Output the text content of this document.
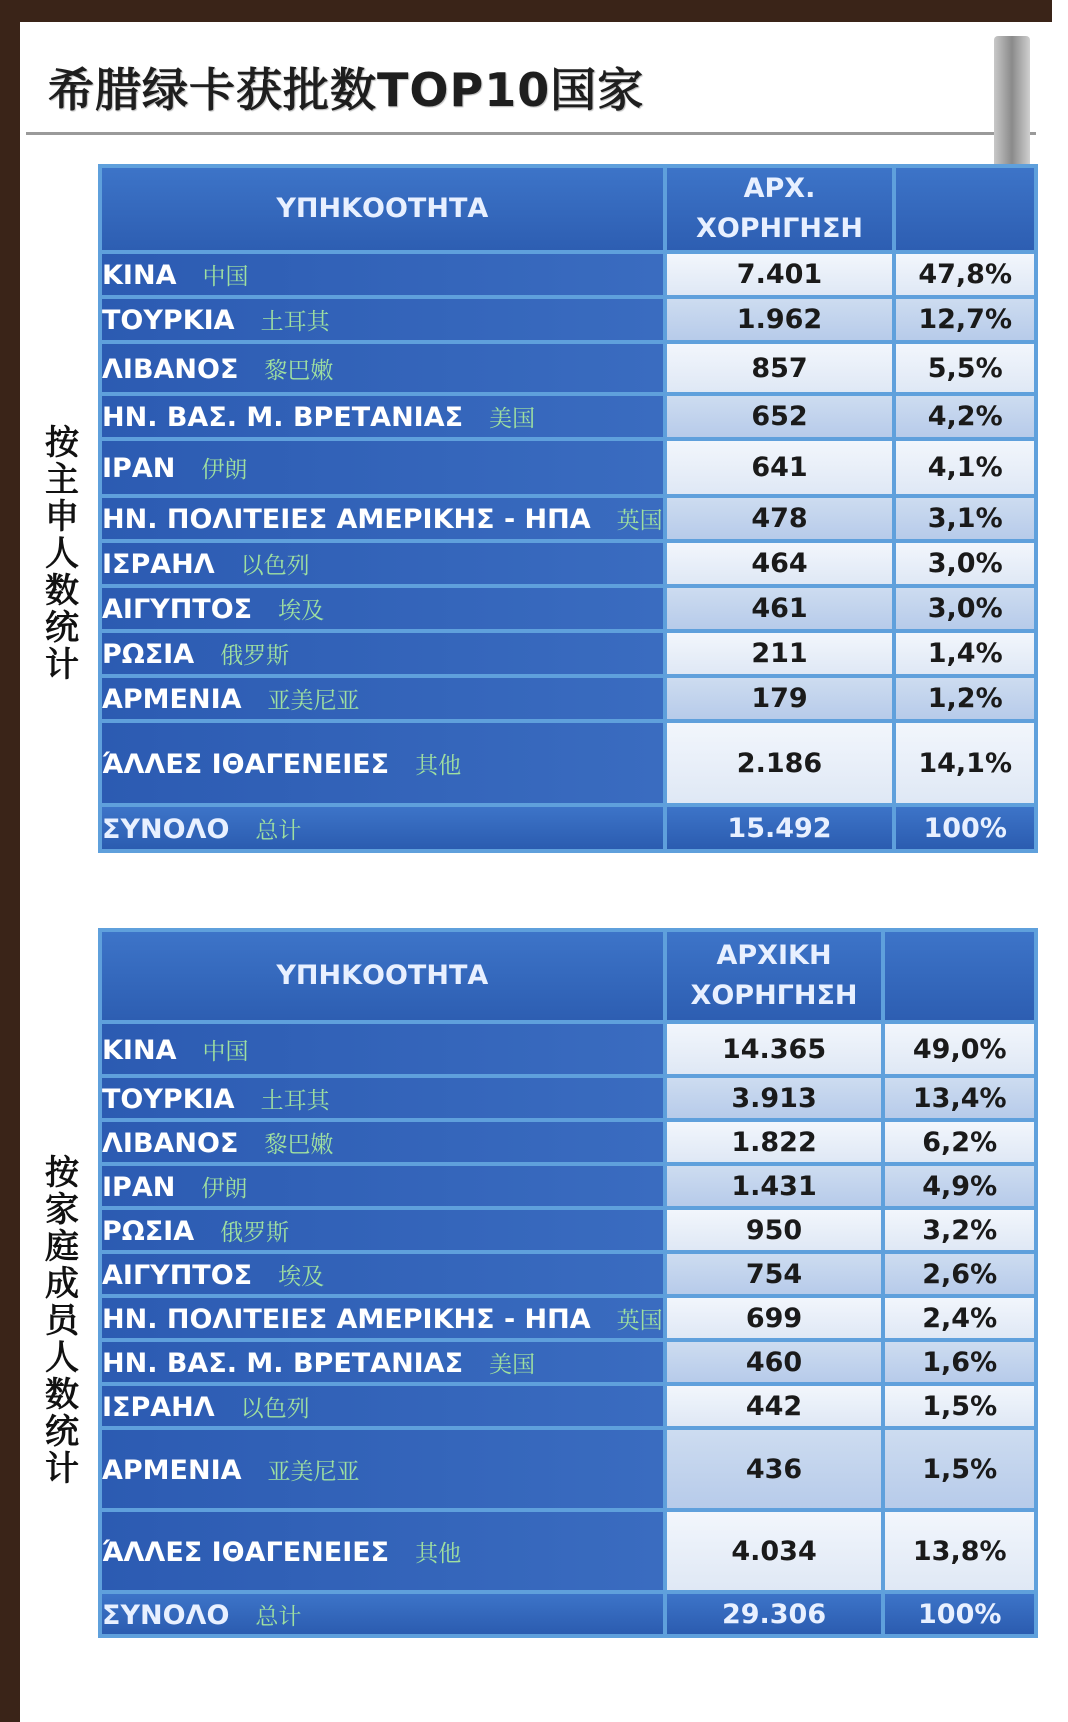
希腊绿卡获批数TOP10国家
按主申人数统计
按家庭成员人数统计
ΥΠΗΚΟΟΤΗΤΑ	ΑΡΧ. ΧΟΡΗΓΗΣΗ	
ΚΙΝΑ 中国	7.401	47,8%
ΤΟΥΡΚΙΑ 土耳其	1.962	12,7%
ΛΙΒΑΝΟΣ 黎巴嫩	857	5,5%
ΗΝ. ΒΑΣ. Μ. ΒΡΕΤΑΝΙΑΣ 美国	652	4,2%
ΙΡΑΝ 伊朗	641	4,1%
ΗΝ. ΠΟΛΙΤΕΙΕΣ ΑΜΕΡΙΚΗΣ - ΗΠΑ 英国	478	3,1%
ΙΣΡΑΗΛ 以色列	464	3,0%
ΑΙΓΥΠΤΟΣ 埃及	461	3,0%
ΡΩΣΙΑ 俄罗斯	211	1,4%
ΑΡΜΕΝΙΑ 亚美尼亚	179	1,2%
ΆΛΛΕΣ ΙΘΑΓΕΝΕΙΕΣ 其他	2.186	14,1%
ΣΥΝΟΛΟ 总计	15.492	100%
ΥΠΗΚΟΟΤΗΤΑ	ΑΡΧΙΚΗ ΧΟΡΗΓΗΣΗ	

ΚΙΝΑ 中国	14.365	49,0%
ΤΟΥΡΚΙΑ 土耳其	3.913	13,4%
ΛΙΒΑΝΟΣ 黎巴嫩	1.822	6,2%
ΙΡΑΝ 伊朗	1.431	4,9%
ΡΩΣΙΑ 俄罗斯	950	3,2%
ΑΙΓΥΠΤΟΣ 埃及	754	2,6%
ΗΝ. ΠΟΛΙΤΕΙΕΣ ΑΜΕΡΙΚΗΣ - ΗΠΑ 英国	699	2,4%
ΗΝ. ΒΑΣ. Μ. ΒΡΕΤΑΝΙΑΣ 美国	460	1,6%
ΙΣΡΑΗΛ 以色列	442	1,5%
ΑΡΜΕΝΙΑ 亚美尼亚	436	1,5%
ΆΛΛΕΣ ΙΘΑΓΕΝΕΙΕΣ 其他	4.034	13,8%
ΣΥΝΟΛΟ 总计	29.306	100%
